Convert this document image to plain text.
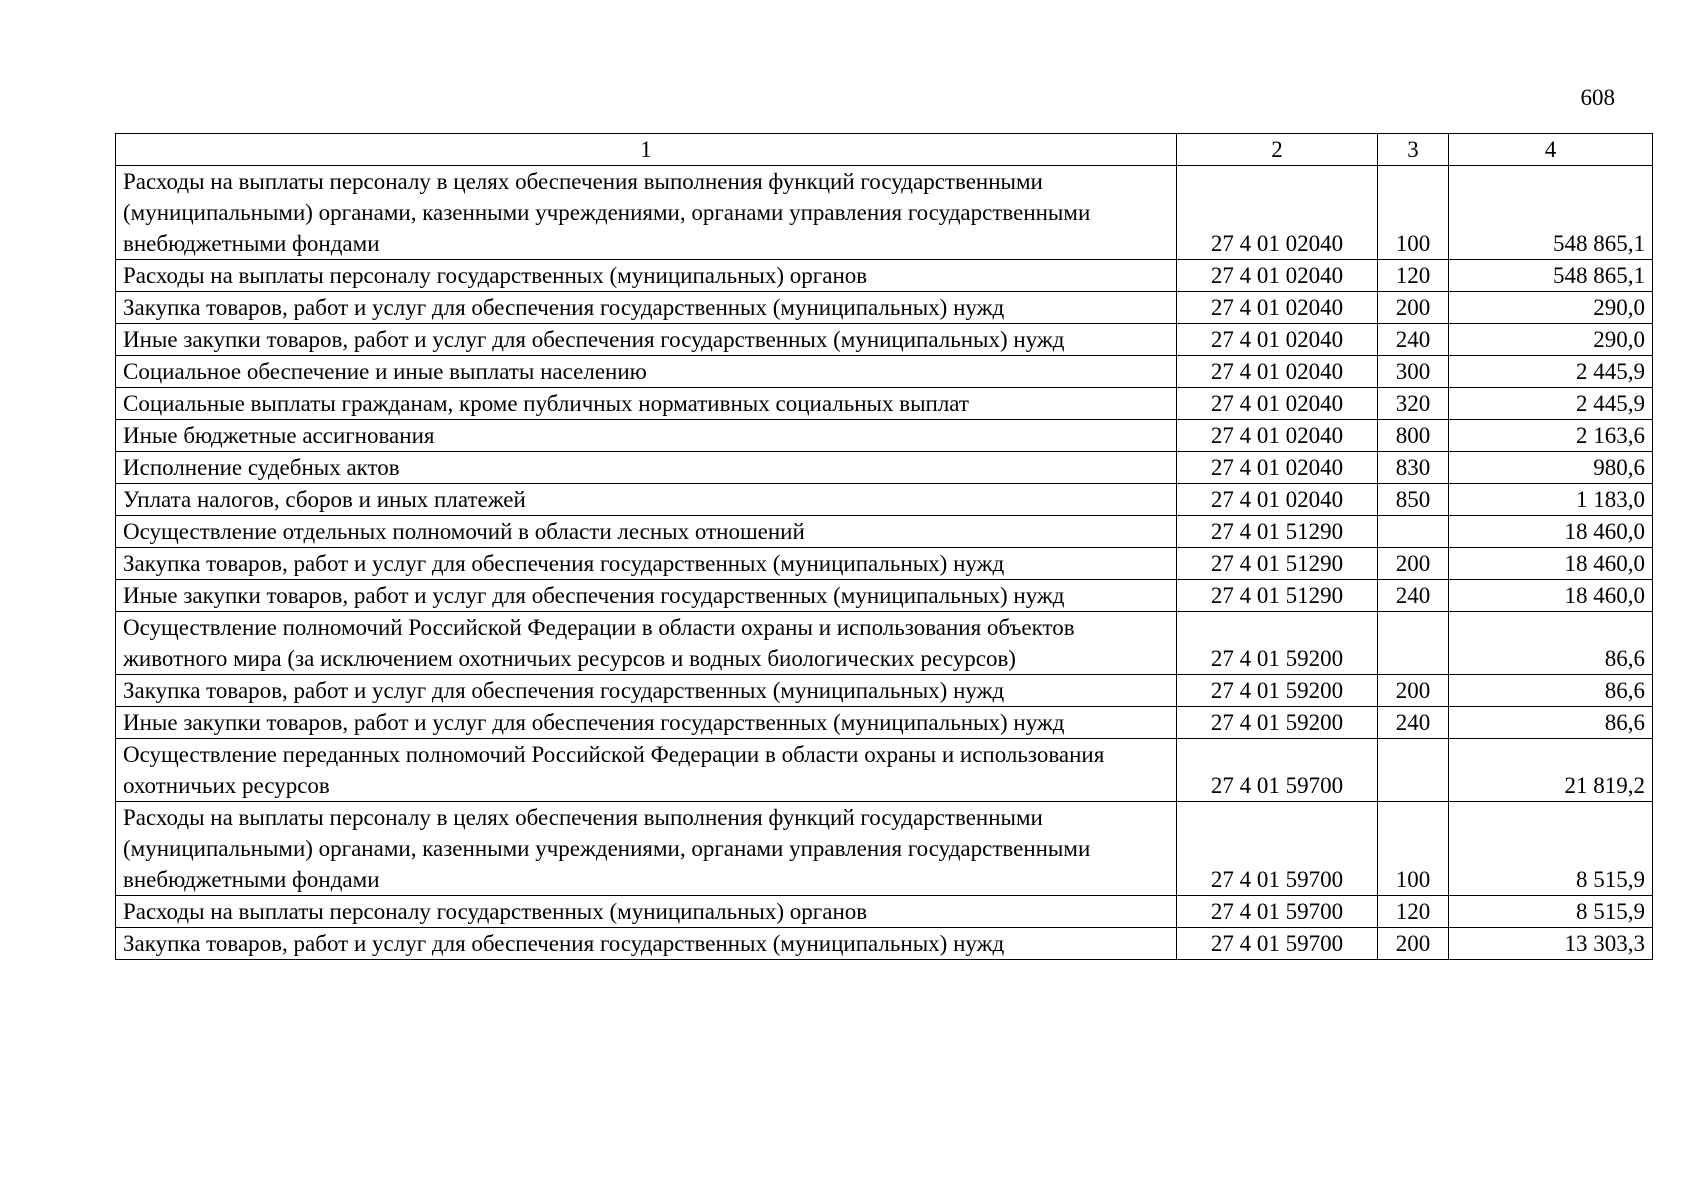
608
1	2	3	4
Расходы на выплаты персоналу в целях обеспечения выполнения функций государственными (муниципальными) органами, казенными учреждениями, органами управления государственными внебюджетными фондами	27 4 01 02040	100	548 865,1
Расходы на выплаты персоналу государственных (муниципальных) органов	27 4 01 02040	120	548 865,1
Закупка товаров, работ и услуг для обеспечения государственных (муниципальных) нужд	27 4 01 02040	200	290,0
Иные закупки товаров, работ и услуг для обеспечения государственных (муниципальных) нужд	27 4 01 02040	240	290,0
Социальное обеспечение и иные выплаты населению	27 4 01 02040	300	2 445,9
Социальные выплаты гражданам, кроме публичных нормативных социальных выплат	27 4 01 02040	320	2 445,9
Иные бюджетные ассигнования	27 4 01 02040	800	2 163,6
Исполнение судебных актов	27 4 01 02040	830	980,6
Уплата налогов, сборов и иных платежей	27 4 01 02040	850	1 183,0
Осуществление отдельных полномочий в области лесных отношений	27 4 01 51290		18 460,0
Закупка товаров, работ и услуг для обеспечения государственных (муниципальных) нужд	27 4 01 51290	200	18 460,0
Иные закупки товаров, работ и услуг для обеспечения государственных (муниципальных) нужд	27 4 01 51290	240	18 460,0
Осуществление полномочий Российской Федерации в области охраны и использования объектов животного мира (за исключением охотничьих ресурсов и водных биологических ресурсов)	27 4 01 59200		86,6
Закупка товаров, работ и услуг для обеспечения государственных (муниципальных) нужд	27 4 01 59200	200	86,6
Иные закупки товаров, работ и услуг для обеспечения государственных (муниципальных) нужд	27 4 01 59200	240	86,6
Осуществление переданных полномочий Российской Федерации в области охраны и использования охотничьих ресурсов	27 4 01 59700		21 819,2
Расходы на выплаты персоналу в целях обеспечения выполнения функций государственными (муниципальными) органами, казенными учреждениями, органами управления государственными внебюджетными фондами	27 4 01 59700	100	8 515,9
Расходы на выплаты персоналу государственных (муниципальных) органов	27 4 01 59700	120	8 515,9
Закупка товаров, работ и услуг для обеспечения государственных (муниципальных) нужд	27 4 01 59700	200	13 303,3
